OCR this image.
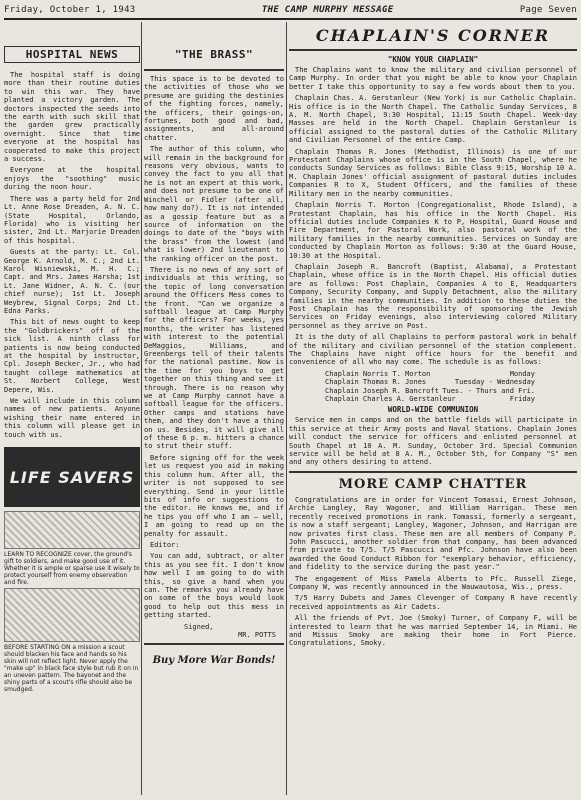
Friday, October 1, 1943	THE CAMP MURPHY MESSAGE	Page Seven
HOSPITAL NEWS

The hospital staff is doing more than their routine duties to win this war. They have planted a victory garden. The doctors inspected the seeds into the earth with such skill that the garden grew practically overnight. Since that time everyone at the hospital has cooperated to make this project a success.

Everyone at the hospital enjoys the "soothing" music during the noon hour.

There was a party held for 2nd Lt. Anne Rose Dreaden, A. N. C. (State Hospital, Orlando, Florida) who is visiting her sister, 2nd Lt. Marjorie Dreaden of this hospital.

Guests at the party: Lt. Col. George K. Arnold, M. C.; 2nd Lt. Karol Wisniewski, M. H. C.; Capt. and Mrs. James Harsha; 1st Lt. Jane Widner, A. N. C. (our chief nurse); 1st Lt. Joseph Weybrew, Signal Corps; 2nd Lt. Edna Parks.

This bit of news ought to keep the "Goldbrickers" off of the sick list. A ninth class for patients is now being conducted at the hospital by instructor, Cpl. Joseph Becker, Jr., who had taught college mathematics at St. Norbert College, West Depere, Wis.

We will include in this column names of new patients. Anyone wishing their name entered in this column will please get in touch with us.

LIFE SAVERS

LEARN TO RECOGNIZE cover, the ground's gift to soldiers, and make good use of it. Whether it is ample or sparse use it wisely to protect yourself from enemy observation and fire.

BEFORE STARTING ON a mission a scout should blacken his face and hands so his skin will not reflect light. Never apply the "make up" in black face style but rub it on in an uneven pattern. The bayonet and the shiny parts of a scout's rifle should also be smudged.

"THE BRASS"

This space is to be devoted to the activities of those who we presume are guiding the destinies of the fighting forces, namely, the officers, their goings-on, fortunes, both good and bad, assignments, and all-around chatter.

The author of this column, who will remain in the background for reasons very obvious, wants to convey the fact to you all that he is not an expert at this work, and does not presume to be one of Winchell or Fidler (after all, how many do?). It is not intended as a gossip feature but as a source of information on the doings to date of the "boys with the brass" from the lowest (and what is lower) 2nd lieutenant to the ranking officer on the post.

There is no news of any sort of individuals at this writing, so the topic of long conversation around the Officers Mess comes to the front. "Can we organize a softball league at Camp Murphy for the officers? For weeks, yes months, the writer has listened with interest to the potential DeMaggios, Williams, and Greenbergs tell of their talents for the national pastime. Now is the time for you boys to get together on this thing and see it through. There is no reason why we at Camp Murphy cannot have a softball league for the officers. Other camps and stations have them, and they don't have a thing on us. Besides, it will give all of these 6 p. m. hitters a chance to strut their stuff.

Before signing off for the week let us request you aid in making this column hum. After all, the writer is not supposed to see everything. Send in your little bits of info or suggestions to the editor. He knows me, and if he tips you off who I am — well, I am going to read up on the penalty for assault.

Editor:

You can add, subtract, or alter this as you see fit. I don't know how well I am going to do with this, so give a hand when you can. The remarks you already have on some of the boys would look good to help out this mess in getting started.

Signed,
MR. POTTS
Buy More War Bonds!
CHAPLAIN'S CORNER
"KNOW YOUR CHAPLAIN"

The Chaplains want to know the military and civilian personnel of Camp Murphy. In order that you might be able to know your Chaplain better I take this opportunity to say a few words about them to you.

Chaplain Chas. A. Gerstanleur (New York) is our Catholic Chaplain. His office is in the North Chapel. The Catholic Sunday Services, 8 A. M. North Chapel, 9:30 Hospital, 11:15 South Chapel. Week-day Masses are held in the North Chapel. Chaplain Gerstanleur is official assigned to the pastoral duties of the Catholic Military and Civilian Personnel of the entire Camp.

Chaplain Thomas R. Jones (Methodist, Illinois) is one of our Protestant Chaplains whose office is in the South Chapel, where he conducts Sunday Services as follows: Bible Class 9:15, Worship 10 A. M. Chaplain Jones' official assignment of pastoral duties includes Companies R to X, Student Officers, and the families of these Military men in the nearby communities.

Chaplain Norris T. Morton (Congregationalist, Rhode Island), a Protestant Chaplain, has his office in the North Chapel. His official duties include Companies K to P, Hospital, Guard House and Fire Department, for Pastoral Work, also pastoral work of the military families in the nearby communities. Services on Sunday are conducted by Chaplain Morton as follows: 9:30 at the Guard House, 10:30 at the Hospital.

Chaplain Joseph R. Bancroft (Baptist, Alabama), a Protestant Chaplain, whose office is in the North Chapel. His official duties are as follows: Post Chaplain, Companies A to E, Headquarters Company, Security Company, and Supply Detachment, also the military families in the nearby communities. In addition to these duties the Post Chaplain has the responsibility of sponsoring the Jewish Services on Friday evenings, also interviewing colored Military personnel as they arrive on Post.

It is the duty of all Chaplains to perform pastoral work in behalf of the military and civilian personnel of the station complement. The Chaplains have night office hours for the benefit and convenience of all who may come. The schedule is as follows:

Chaplain Norris T. Morton	Monday
Chaplain Thomas R. Jones	Tuesday - Wednesday
Chaplain Joseph R. Bancroft Tues. - Thurs and Fri.
Chaplain Charles A. Gerstanleur	Friday
WORLD-WIDE COMMUNION

Service men in camps and on the battle fields will participate in this service at their Army posts and Naval Stations. Chaplain Jones will conduct the service for officers and enlisted personnel at South Chapel at 10 A. M. Sunday, October 3rd. Special Communion service will be held at 8 A. M., October 5th, for Company "S" men and any others desiring to attend.

MORE CAMP CHATTER

Congratulations are in order for Vincent Tomassi, Ernest Johnson, Archie Langley, Ray Wagoner, and William Harrigan. These men recently received promotions in rank. Tomassi, formerly a sergeant, is now a staff sergeant; Langley, Wagoner, Johnson, and Harrigan are now privates first class. These men are all members of Company P. John Pascucci, another soldier from that company, has been advanced from private to T/5. T/5 Pascucci and Pfc. Johnson have also been awarded the Good Conduct Ribbon for "exemplary behavior, efficiency, and fidelity to the service during the past year."

The engagement of Miss Pamela Alberts to Pfc. Russell Ziege, Company W, was recently announced in the Wauwautosa, Wis., press.

T/5 Harry Dubets and James Clevenger of Company R have recently received appointments as Air Cadets.

All the friends of Pvt. Joe (Smoky) Turner, of Company F, will be interested to learn that he was married September 14, in Miami. He and Missus Smoky are making their home in Fort Pierce. Congratulations, Smoky.
